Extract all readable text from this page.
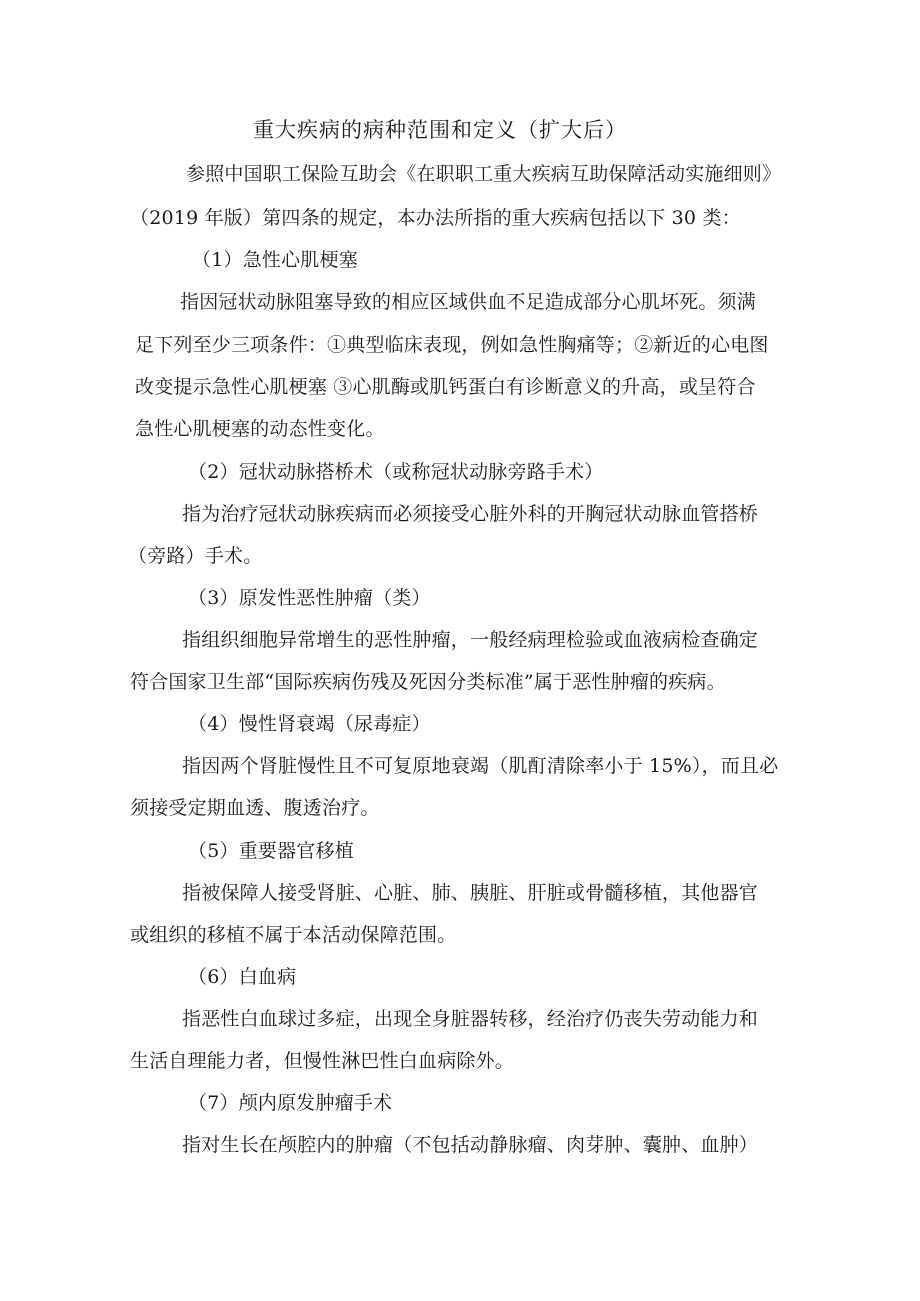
重大疾病的病种范围和定义（扩大后）
参照中国职工保险互助会《在职职工重大疾病互助保障活动实施细则》
（2019 年版）第四条的规定，本办法所指的重大疾病包括以下 30 类：
（1）急性心肌梗塞
指因冠状动脉阻塞导致的相应区域供血不足造成部分心肌坏死。须满
足下列至少三项条件：①典型临床表现，例如急性胸痛等；②新近的心电图
改变提示急性心肌梗塞 ③心肌酶或肌钙蛋白有诊断意义的升高，或呈符合
急性心肌梗塞的动态性变化。
（2）冠状动脉搭桥术（或称冠状动脉旁路手术）
指为治疗冠状动脉疾病而必须接受心脏外科的开胸冠状动脉血管搭桥
（旁路）手术。
（3）原发性恶性肿瘤（类）
指组织细胞异常增生的恶性肿瘤，一般经病理检验或血液病检查确定
符合国家卫生部“国际疾病伤残及死因分类标准”属于恶性肿瘤的疾病。
（4）慢性肾衰竭（尿毒症）
指因两个肾脏慢性且不可复原地衰竭（肌酊清除率小于 15%），而且必
须接受定期血透、腹透治疗。
（5）重要器官移植
指被保障人接受肾脏、心脏、肺、胰脏、肝脏或骨髓移植，其他器官
或组织的移植不属于本活动保障范围。
（6）白血病
指恶性白血球过多症，出现全身脏器转移，经治疗仍丧失劳动能力和
生活自理能力者，但慢性淋巴性白血病除外。
（7）颅内原发肿瘤手术
指对生长在颅腔内的肿瘤（不包括动静脉瘤、肉芽肿、囊肿、血肿）
